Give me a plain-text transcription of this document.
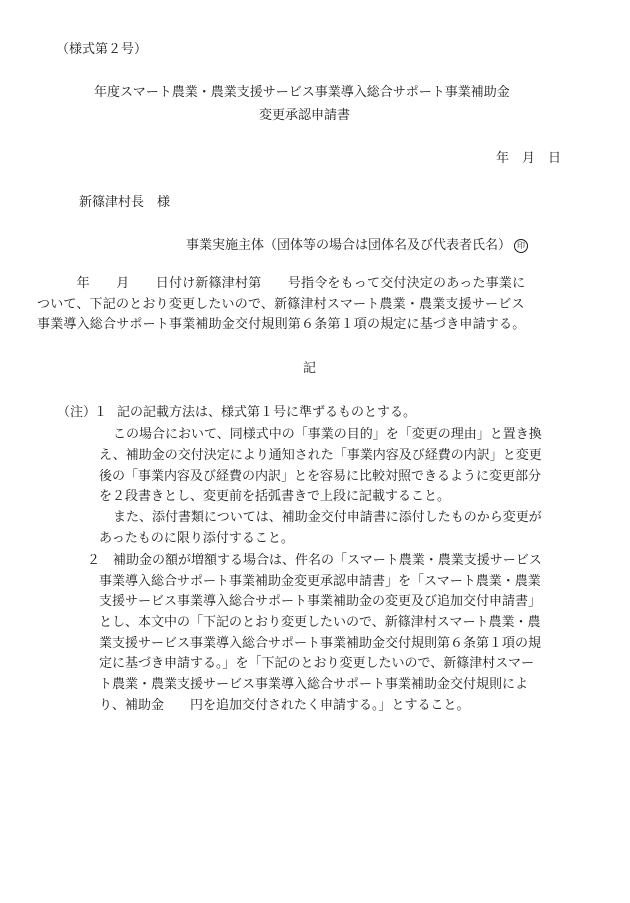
（様式第２号）
年度スマート農業・農業支援サービス事業導入総合サポート事業補助金
変更承認申請書
年　月　日
新篠津村長　様
事業実施主体（団体等の場合は団体名及び代表者氏名） 印
　　　年　　月　　日付け新篠津村第　　号指令をもって交付決定のあった事業に
ついて、下記のとおり変更したいので、新篠津村スマート農業・農業支援サービス
事業導入総合サポート事業補助金交付規則第６条第１項の規定に基づき申請する。
記
（注）
１ 記の記載方法は、様式第１号に準ずるものとする。
この場合において、同様式中の「事業の目的」を「変更の理由」と置き換
え、補助金の交付決定により通知された「事業内容及び経費の内訳」と変更
後の「事業内容及び経費の内訳」とを容易に比較対照できるように変更部分
を２段書きとし、変更前を括弧書きで上段に記載すること。
また、添付書類については、補助金交付申請書に添付したものから変更が
あったものに限り添付すること。
２ 補助金の額が増額する場合は、件名の「スマート農業・農業支援サービス
事業導入総合サポート事業補助金変更承認申請書」を「スマート農業・農業
支援サービス事業導入総合サポート事業補助金の変更及び追加交付申請書」
とし、本文中の「下記のとおり変更したいので、新篠津村スマート農業・農
業支援サービス事業導入総合サポート事業補助金交付規則第６条第１項の規
定に基づき申請する。」を「下記のとおり変更したいので、新篠津村スマー
ト農業・農業支援サービス事業導入総合サポート事業補助金交付規則によ
り、補助金　　円を追加交付されたく申請する。」とすること。
